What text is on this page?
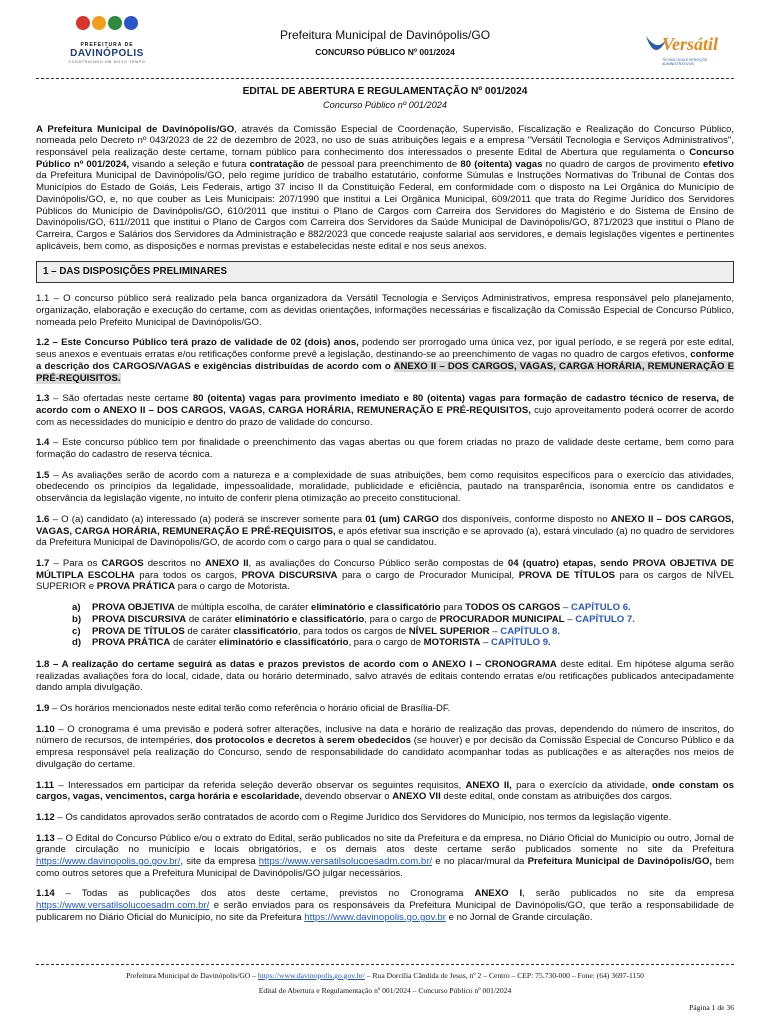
PREFEITURA DE
DAVINÓPOLIS
CONSTRUINDO UM NOVO TEMPO
Prefeitura Municipal de Davinópolis/GO
CONCURSO PÚBLICO Nº 001/2024	Versátil
TECNOLOGIA E SERVIÇOS ADMINISTRATIVOS
EDITAL DE ABERTURA E REGULAMENTAÇÃO Nº 001/2024
Concurso Público nº 001/2024

A Prefeitura Municipal de Davinópolis/GO, através da Comissão Especial de Coordenação, Supervisão, Fiscalização e Realização do Concurso Público, nomeada pelo Decreto nº 043/2023 de 22 de dezembro de 2023, no uso de suas atribuições legais e a empresa "Versátil Tecnologia e Serviços Administrativos", responsável pela realização deste certame, tornam público para conhecimento dos interessados o presente Edital de Abertura que regulamenta o Concurso Público nº 001/2024, visando a seleção e futura contratação de pessoal para preenchimento de 80 (oitenta) vagas no quadro de cargos de provimento efetivo da Prefeitura Municipal de Davinópolis/GO, pelo regime jurídico de trabalho estatutário, conforme Súmulas e Instruções Normativas do Tribunal de Contas dos Municípios do Estado de Goiás, Leis Federais, artigo 37 inciso II da Constituição Federal, em conformidade com o disposto na Lei Orgânica do Município de Davinópolis/GO, e, no que couber as Leis Municipais: 207/1990 que institui a Lei Orgânica Municipal, 609/2011 que trata do Regime Jurídico dos Servidores Públicos do Município de Davinópolis/GO, 610/2011 que institui o Plano de Cargos com Carreira dos Servidores do Magistério e do Sistema de Ensino de Davinópolis/GO, 611//2011 que institui o Plano de Cargos com Carreira dos Servidores da Saúde Municipal de Davinópolis/GO, 871/2023 que institui o Plano de Carreira, Cargos e Salários dos Servidores da Administração e 882/2023 que concede reajuste salarial aos servidores, e demais legislações vigentes e pertinentes aplicáveis, bem como, as disposições e normas previstas e estabelecidas neste edital e nos seus anexos.

1 – DAS DISPOSIÇÕES PRELIMINARES

1.1 – O concurso público será realizado pela banca organizadora da Versátil Tecnologia e Serviços Administrativos, empresa responsável pelo planejamento, organização, elaboração e execução do certame, com as devidas orientações, informações necessárias e fiscalização da Comissão Especial de Concurso Público, nomeada pelo Prefeito Municipal de Davinópolis/GO.

1.2 – Este Concurso Público terá prazo de validade de 02 (dois) anos, podendo ser prorrogado uma única vez, por igual período, e se regerá por este edital, seus anexos e eventuais erratas e/ou retificações conforme prevê a legislação, destinando-se ao preenchimento de vagas no quadro de cargos efetivos, conforme a descrição dos CARGOS/VAGAS e exigências distribuídas de acordo com o ANEXO II – DOS CARGOS, VAGAS, CARGA HORÁRIA, REMUNERAÇÃO E PRÉ-REQUISITOS.

1.3 – São ofertadas neste certame 80 (oitenta) vagas para provimento imediato e 80 (oitenta) vagas para formação de cadastro técnico de reserva, de acordo com o ANEXO II – DOS CARGOS, VAGAS, CARGA HORÁRIA, REMUNERAÇÃO E PRÉ-REQUISITOS, cujo aproveitamento poderá ocorrer de acordo com as necessidades do município e dentro do prazo de validade do concurso.

1.4 – Este concurso público tem por finalidade o preenchimento das vagas abertas ou que forem criadas no prazo de validade deste certame, bem como para formação do cadastro de reserva técnica.

1.5 – As avaliações serão de acordo com a natureza e a complexidade de suas atribuições, bem como requisitos específicos para o exercício das atividades, obedecendo os princípios da legalidade, impessoalidade, moralidade, publicidade e eficiência, pautado na transparência, isonomia entre os candidatos e observância da legislação vigente, no intuito de conferir plena otimização ao preceito constitucional.

1.6 – O (a) candidato (a) interessado (a) poderá se inscrever somente para 01 (um) CARGO dos disponíveis, conforme disposto no ANEXO II – DOS CARGOS, VAGAS, CARGA HORÁRIA, REMUNERAÇÃO E PRÉ-REQUISITOS, e após efetivar sua inscrição e se aprovado (a), estará vinculado (a) no quadro de servidores da Prefeitura Municipal de Davinópolis/GO, de acordo com o cargo para o qual se candidatou.

1.7 – Para os CARGOS descritos no ANEXO II, as avaliações do Concurso Público serão compostas de 04 (quatro) etapas, sendo PROVA OBJETIVA DE MÚLTIPLA ESCOLHA para todos os cargos, PROVA DISCURSIVA para o cargo de Procurador Municipal, PROVA DE TÍTULOS para os cargos de NÍVEL SUPERIOR e PROVA PRÁTICA para o cargo de Motorista.

a)	PROVA OBJETIVA de múltipla escolha, de caráter eliminatório e classificatório para TODOS OS CARGOS – CAPÍTULO 6.
b)	PROVA DISCURSIVA de caráter eliminatório e classificatório, para o cargo de PROCURADOR MUNICIPAL – CAPÍTULO 7.
c)	PROVA DE TÍTULOS de caráter classificatório, para todos os cargos de NÍVEL SUPERIOR – CAPÍTULO 8.
d)	PROVA PRÁTICA de caráter eliminatório e classificatório, para o cargo de MOTORISTA – CAPÍTULO 9.

1.8 – A realização do certame seguirá as datas e prazos previstos de acordo com o ANEXO I – CRONOGRAMA deste edital. Em hipótese alguma serão realizadas avaliações fora do local, cidade, data ou horário determinado, salvo através de editais contendo erratas e/ou retificações publicados antecipadamente dando ampla divulgação.

1.9 – Os horários mencionados neste edital terão como referência o horário oficial de Brasília-DF.

1.10 – O cronograma é uma previsão e poderá sofrer alterações, inclusive na data e horário de realização das provas, dependendo do número de inscritos, do número de recursos, de intempéries, dos protocolos e decretos à serem obedecidos (se houver) e por decisão da Comissão Especial de Concurso Público e da empresa responsável pela realização do Concurso, sendo de responsabilidade do candidato acompanhar todas as publicações e as alterações nos meios de divulgação do certame.

1.11 – Interessados em participar da referida seleção deverão observar os seguintes requisitos, ANEXO II, para o exercício da atividade, onde constam os cargos, vagas, vencimentos, carga horária e escolaridade, devendo observar o ANEXO VII deste edital, onde constam as atribuições dos cargos.

1.12 – Os candidatos aprovados serão contratados de acordo com o Regime Jurídico dos Servidores do Município, nos termos da legislação vigente.

1.13 – O Edital do Concurso Público e/ou o extrato do Edital, serão publicados no site da Prefeitura e da empresa, no Diário Oficial do Município ou outro, Jornal de grande circulação no município e locais obrigatórios, e os demais atos deste certame serão publicados somente no site da Prefeitura https://www.davinopolis.go.gov.br/, site da empresa https://www.versatilsolucoesadm.com.br/ e no placar/mural da Prefeitura Municipal de Davinópolis/GO, bem como outros setores que a Prefeitura Municipal de Davinópolis/GO julgar necessários.

1.14 – Todas as publicações dos atos deste certame, previstos no Cronograma ANEXO I, serão publicados no site da empresa https://www.versatilsolucoesadm.com.br/ e serão enviados para os responsáveis da Prefeitura Municipal de Davinópolis/GO, que terão a responsabilidade de publicarem no Diário Oficial do Município, no site da Prefeitura https://www.davinopolis.go.gov.br e no Jornal de Grande circulação.

Prefeitura Municipal de Davinópolis/GO – https://www.davinopolis.go.gov.br/ – Rua Dorcília Cândida de Jesus, nº 2 – Centro – CEP: 75.730-000 – Fone: (64) 3697-1150
Edital de Abertura e Regulamentação nº 001/2024 – Concurso Público nº 001/2024
Página 1 de 36
